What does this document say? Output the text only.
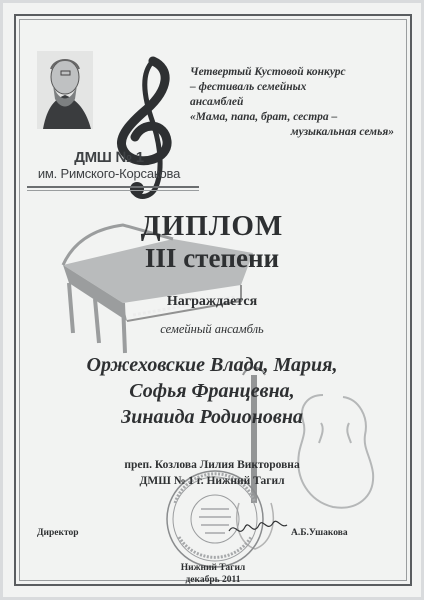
Четвертый Кустовой конкурс
– фестиваль семейных
ансамблей
«Мама, папа, брат, сестра –
музыкальная семья»
ДМШ № 1
им. Римского-Корсакова
ДИПЛОМ
III степени
Награждается
семейный ансамбль
Оржеховские Влада, Мария,
Софья Францевна,
Зинаида Родионовна
преп. Козлова Лилия Викторовна
ДМШ № 1 г. Нижний Тагил
Директор	А.Б.Ушакова
Нижний Тагил
декабрь 2011
